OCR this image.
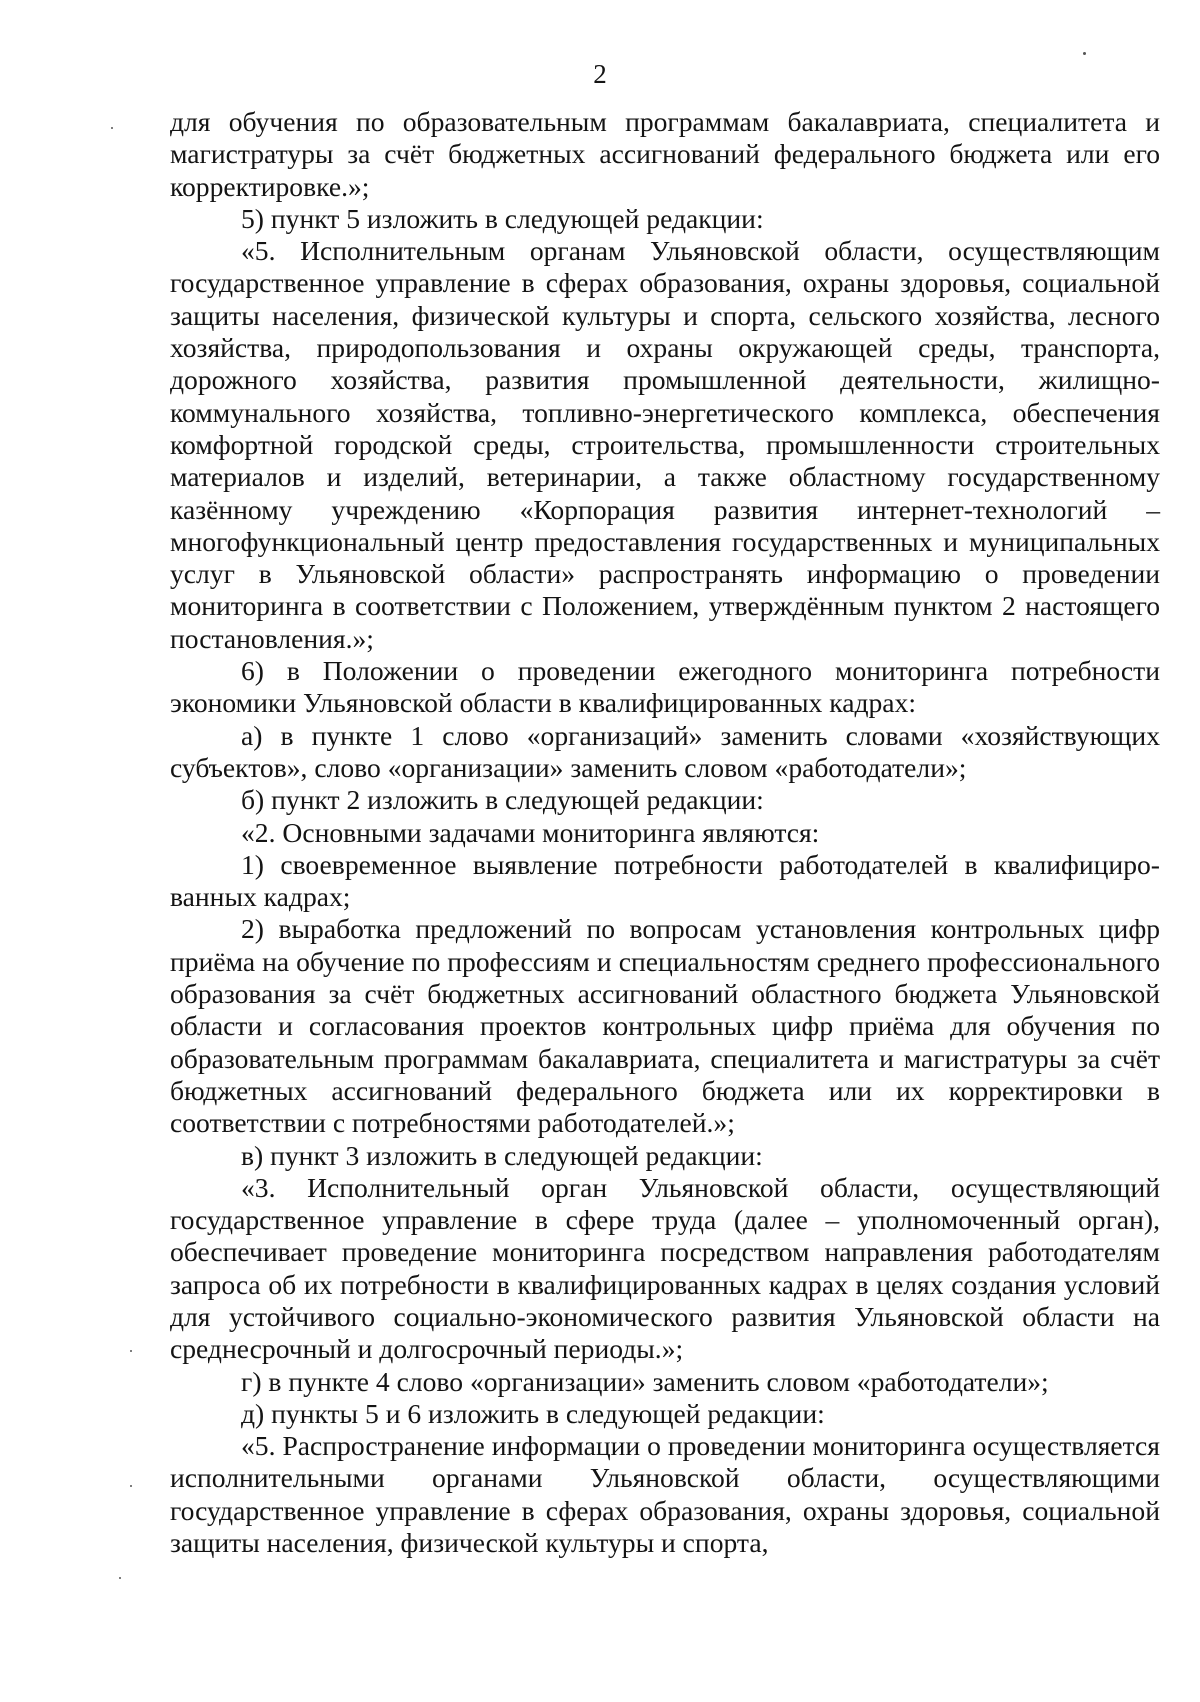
2

для обучения по образовательным программам бакалавриата, специалитета и магистратуры за счёт бюджетных ассигнований федерального бюджета или его корректировке.»;

5) пункт 5 изложить в следующей редакции:

«5. Исполнительным органам Ульяновской области, осуществляющим государственное управление в сферах образования, охраны здоровья, социальной защиты населения, физической культуры и спорта, сельского хозяйства, лесного хозяйства, природопользования и охраны окружающей среды, транспорта, дорожного хозяйства, развития промышленной деятельности, жилищно-коммунального хозяйства, топливно-энергетического комплекса, обеспечения комфортной городской среды, строительства, промышленности строительных материалов и изделий, ветеринарии, а также областному государственному казённому учреждению «Корпорация развития интернет-технологий – многофункциональный центр предоставления государственных и муниципальных услуг в Ульяновской области» распространять информацию о проведении мониторинга в соответствии с Положением, утверждённым пунктом 2 настоящего постановления.»;

6) в Положении о проведении ежегодного мониторинга потребности экономики Ульяновской области в квалифицированных кадрах:

а) в пункте 1 слово «организаций» заменить словами «хозяйствующих субъектов», слово «организации» заменить словом «работодатели»;

б) пункт 2 изложить в следующей редакции:

«2. Основными задачами мониторинга являются:

1) своевременное выявление потребности работодателей в квалифицированных кадрах;

2) выработка предложений по вопросам установления контрольных цифр приёма на обучение по профессиям и специальностям среднего профессионального образования за счёт бюджетных ассигнований областного бюджета Ульяновской области и согласования проектов контрольных цифр приёма для обучения по образовательным программам бакалавриата, специалитета и магистратуры за счёт бюджетных ассигнований федерального бюджета или их корректировки в соответствии с потребностями работодателей.»;

в) пункт 3 изложить в следующей редакции:

«3. Исполнительный орган Ульяновской области, осуществляющий государственное управление в сфере труда (далее – уполномоченный орган), обеспечивает проведение мониторинга посредством направления работодателям запроса об их потребности в квалифицированных кадрах в целях создания условий для устойчивого социально-экономического развития Ульяновской области на среднесрочный и долгосрочный периоды.»;

г) в пункте 4 слово «организации» заменить словом «работодатели»;

д) пункты 5 и 6 изложить в следующей редакции:

«5. Распространение информации о проведении мониторинга осуществляется исполнительными органами Ульяновской области, осуществляющими государственное управление в сферах образования, охраны здоровья, социальной защиты населения, физической культуры и спорта,
